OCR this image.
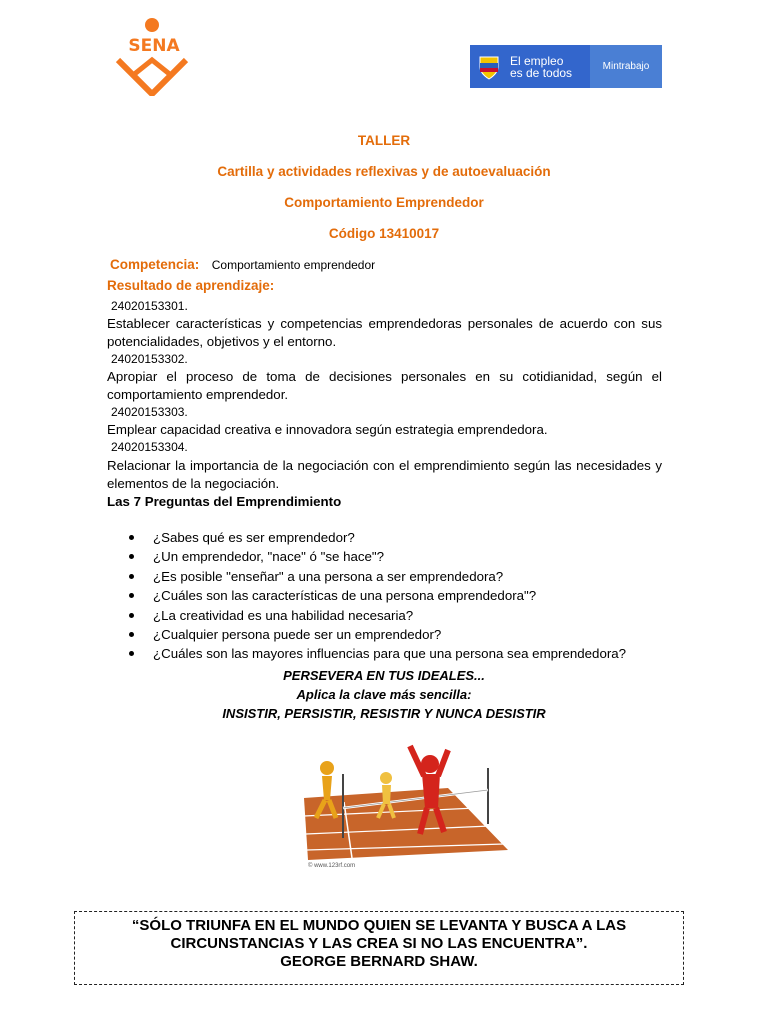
SENA
El empleo
es de todos	Mintrabajo
TALLER
Cartilla y actividades reflexivas y de autoevaluación
Comportamiento Emprendedor
Código 13410017
Competencia: Comportamiento emprendedor
Resultado de aprendizaje:
24020153301.
Establecer características y competencias emprendedoras personales de acuerdo con sus potencialidades, objetivos y el entorno.
24020153302.
Apropiar el proceso de toma de decisiones personales en su cotidianidad, según el comportamiento emprendedor.
24020153303.
Emplear capacidad creativa e innovadora según estrategia emprendedora.
24020153304.
Relacionar la importancia de la negociación con el emprendimiento según las necesidades y elementos de la negociación.
Las 7 Preguntas del Emprendimiento
¿Sabes qué es ser emprendedor?
¿Un emprendedor, "nace" ó "se hace"?
¿Es posible "enseñar" a una persona a ser emprendedora?
¿Cuáles son las características de una persona emprendedora"?
¿La creatividad es una habilidad necesaria?
¿Cualquier persona puede ser un emprendedor?
¿Cuáles son las mayores influencias para que una persona sea emprendedora?
PERSEVERA EN TUS IDEALES...
Aplica la clave más sencilla:
INSISTIR, PERSISTIR, RESISTIR Y NUNCA DESISTIR
© www.123rf.com
“SÓLO TRIUNFA EN EL MUNDO QUIEN SE LEVANTA Y BUSCA A LAS
CIRCUNSTANCIAS Y LAS CREA SI NO LAS ENCUENTRA”.
GEORGE BERNARD SHAW.
